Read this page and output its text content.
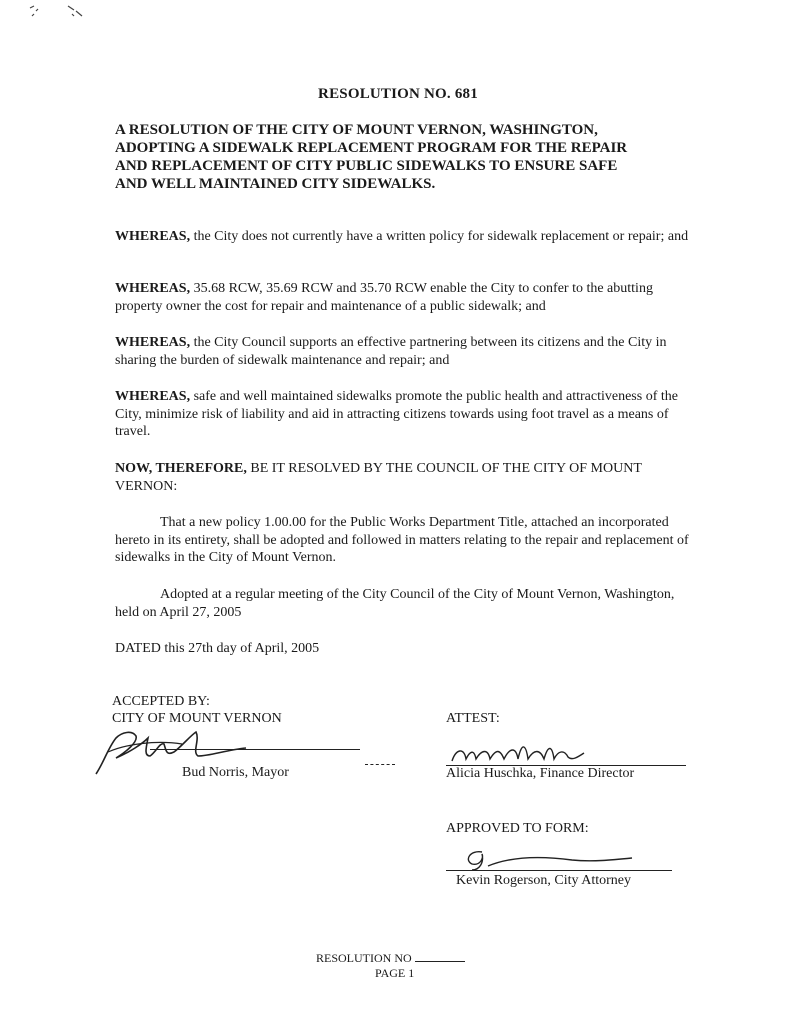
RESOLUTION NO. 681
A RESOLUTION OF THE CITY OF MOUNT VERNON, WASHINGTON,
ADOPTING A SIDEWALK REPLACEMENT PROGRAM FOR THE REPAIR
AND REPLACEMENT OF CITY PUBLIC SIDEWALKS TO ENSURE SAFE
AND WELL MAINTAINED CITY SIDEWALKS.
WHEREAS, the City does not currently have a written policy for sidewalk replacement or repair; and
WHEREAS, 35.68 RCW, 35.69 RCW and 35.70 RCW enable the City to confer to the abutting property owner the cost for repair and maintenance of a public sidewalk; and
WHEREAS, the City Council supports an effective partnering between its citizens and the City in sharing the burden of sidewalk maintenance and repair; and
WHEREAS, safe and well maintained sidewalks promote the public health and attractiveness of the City, minimize risk of liability and aid in attracting citizens towards using foot travel as a means of travel.
NOW, THEREFORE, BE IT RESOLVED BY THE COUNCIL OF THE CITY OF MOUNT VERNON:
That a new policy 1.00.00 for the Public Works Department Title, attached an incorporated hereto in its entirety, shall be adopted and followed in matters relating to the repair and replacement of sidewalks in the City of Mount Vernon.
Adopted at a regular meeting of the City Council of the City of Mount Vernon, Washington, held on April 27, 2005
DATED this 27th day of April, 2005
ACCEPTED BY:
CITY OF MOUNT VERNON
Bud Norris, Mayor
ATTEST:
Alicia Huschka, Finance Director
APPROVED TO FORM:
Kevin Rogerson, City Attorney
RESOLUTION NO
PAGE 1
